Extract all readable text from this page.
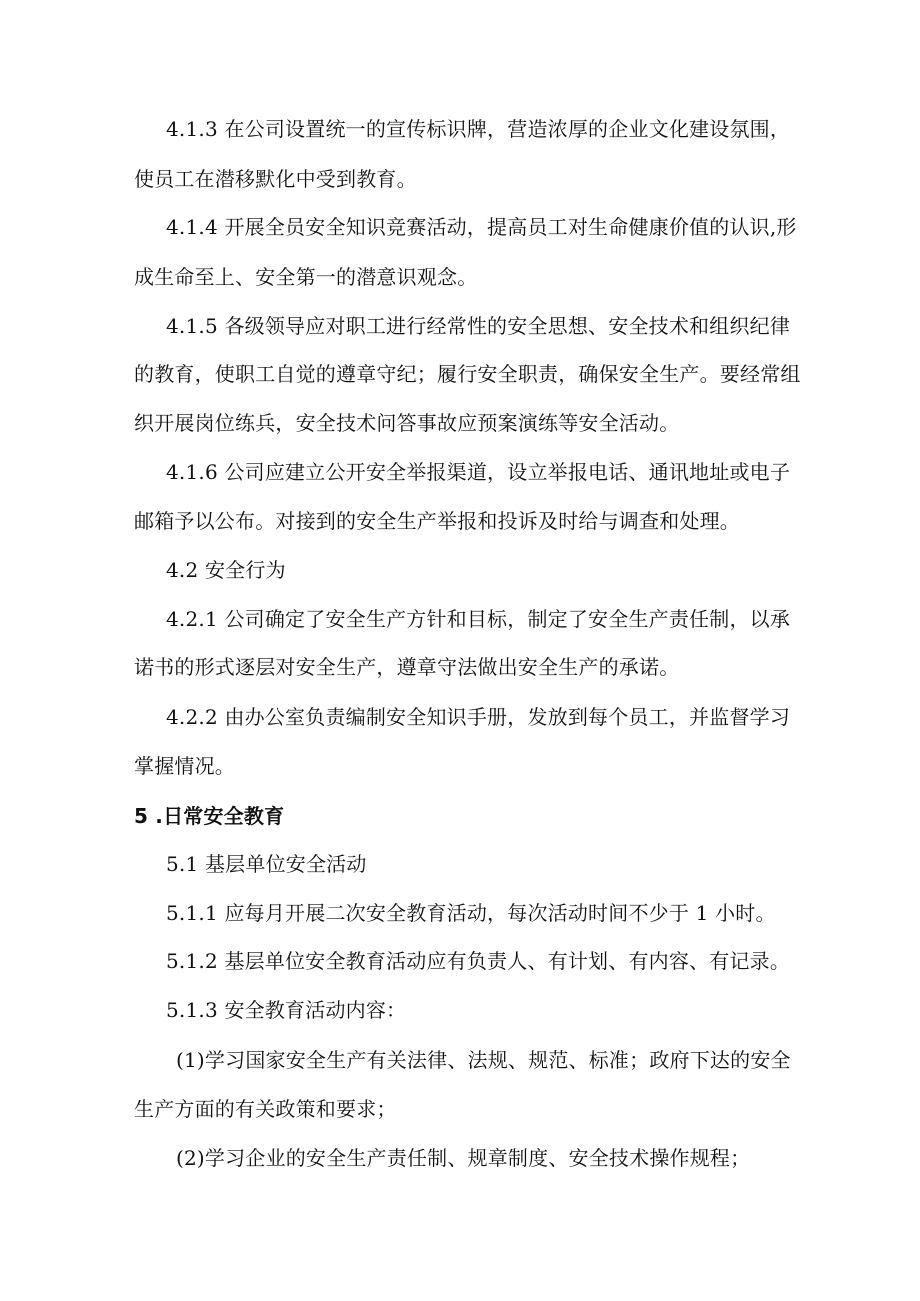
4.1.3 在公司设置统一的宣传标识牌，营造浓厚的企业文化建设氛围，
使员工在潜移默化中受到教育。
4.1.4 开展全员安全知识竞赛活动，提高员工对生命健康价值的认识,形
成生命至上、安全第一的潜意识观念。
4.1.5 各级领导应对职工进行经常性的安全思想、安全技术和组织纪律
的教育，使职工自觉的遵章守纪；履行安全职责，确保安全生产。要经常组
织开展岗位练兵，安全技术问答事故应预案演练等安全活动。
4.1.6 公司应建立公开安全举报渠道，设立举报电话、通讯地址或电子
邮箱予以公布。对接到的安全生产举报和投诉及时给与调查和处理。
4.2 安全行为
4.2.1 公司确定了安全生产方针和目标，制定了安全生产责任制，以承
诺书的形式逐层对安全生产，遵章守法做出安全生产的承诺。
4.2.2 由办公室负责编制安全知识手册，发放到每个员工，并监督学习
掌握情况。
5 .日常安全教育
5.1 基层单位安全活动
5.1.1 应每月开展二次安全教育活动，每次活动时间不少于 1 小时。
5.1.2 基层单位安全教育活动应有负责人、有计划、有内容、有记录。
5.1.3 安全教育活动内容：
(1)学习国家安全生产有关法律、法规、规范、标准；政府下达的安全
生产方面的有关政策和要求；
(2)学习企业的安全生产责任制、规章制度、安全技术操作规程；
